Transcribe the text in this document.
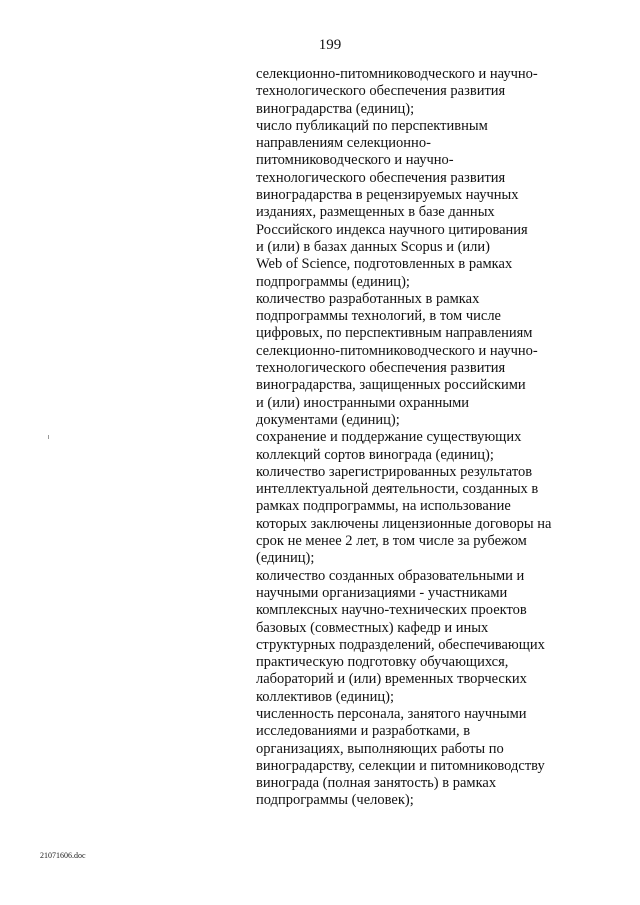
199
селекционно-питомниководческого и научно-
технологического обеспечения развития
виноградарства (единиц);
число публикаций по перспективным
направлениям селекционно-
питомниководческого и научно-
технологического обеспечения развития
виноградарства в рецензируемых научных
изданиях, размещенных в базе данных
Российского индекса научного цитирования
и (или) в базах данных Scopus и (или)
Web of Science, подготовленных в рамках
подпрограммы (единиц);
количество разработанных в рамках
подпрограммы технологий, в том числе
цифровых, по перспективным направлениям
селекционно-питомниководческого и научно-
технологического обеспечения развития
виноградарства, защищенных российскими
и (или) иностранными охранными
документами (единиц);
сохранение и поддержание существующих
коллекций сортов винограда (единиц);
количество зарегистрированных результатов
интеллектуальной деятельности, созданных в
рамках подпрограммы, на использование
которых заключены лицензионные договоры на
срок не менее 2 лет, в том числе за рубежом
(единиц);
количество созданных образовательными и
научными организациями - участниками
комплексных научно-технических проектов
базовых (совместных) кафедр и иных
структурных подразделений, обеспечивающих
практическую подготовку обучающихся,
лабораторий и (или) временных творческих
коллективов (единиц);
численность персонала, занятого научными
исследованиями и разработками, в
организациях, выполняющих работы по
виноградарству, селекции и питомниководству
винограда (полная занятость) в рамках
подпрограммы (человек);
21071606.doc
